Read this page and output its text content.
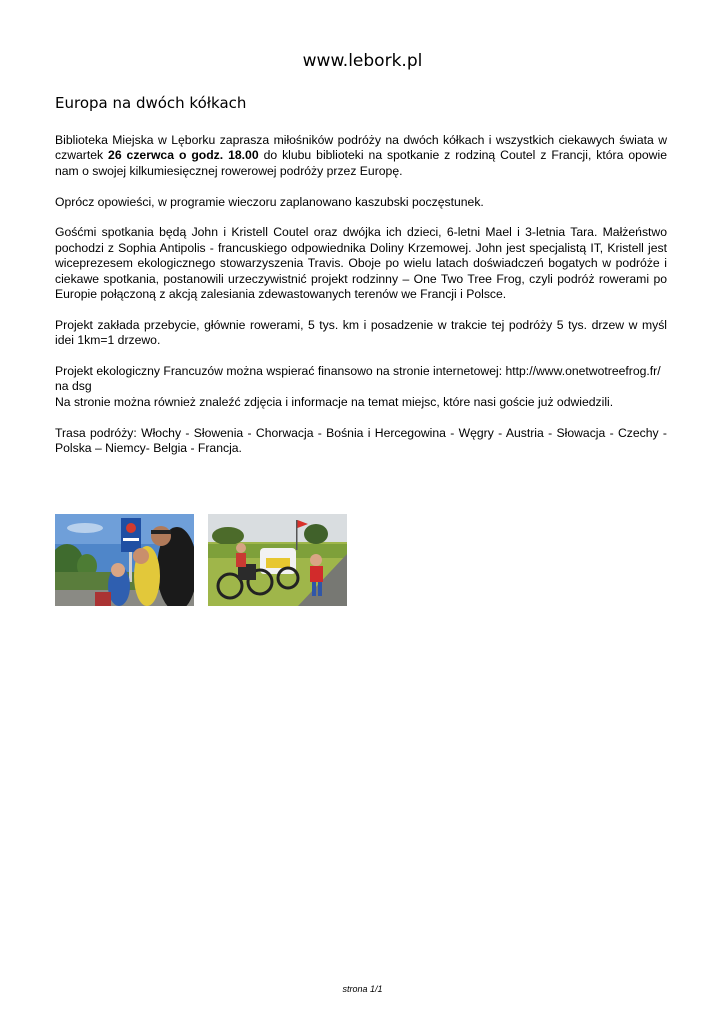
www.lebork.pl
Europa na dwóch kółkach

Biblioteka Miejska w Lęborku zaprasza miłośników podróży na dwóch kółkach i wszystkich ciekawych świata w czwartek 26 czerwca o godz. 18.00 do klubu biblioteki na spotkanie z rodziną Coutel z Francji, która opowie nam o swojej kilkumiesięcznej rowerowej podróży przez Europę.

Oprócz opowieści, w programie wieczoru zaplanowano kaszubski poczęstunek.

Gośćmi spotkania będą John i Kristell Coutel oraz dwójka ich dzieci, 6-letni Mael i 3-letnia Tara. Małżeństwo pochodzi z Sophia Antipolis - francuskiego odpowiednika Doliny Krzemowej. John jest specjalistą IT, Kristell jest wiceprezesem ekologicznego stowarzyszenia Travis. Oboje po wielu latach doświadczeń bogatych w podróże i ciekawe spotkania, postanowili urzeczywistnić projekt rodzinny – One Two Tree Frog, czyli podróż rowerami po Europie połączoną z akcją zalesiania zdewastowanych terenów we Francji i Polsce.

Projekt zakłada przebycie, głównie rowerami, 5 tys. km i posadzenie w trakcie tej podróży 5 tys. drzew w myśl idei 1km=1 drzewo.

Projekt ekologiczny Francuzów można wspierać finansowo na stronie internetowej: http://www.onetwotreefrog.fr/
na dsg
Na stronie można również znaleźć zdjęcia i informacje na temat miejsc, które nasi goście już odwiedzili.

Trasa podróży: Włochy - Słowenia - Chorwacja - Bośnia i Hercegowina - Węgry - Austria - Słowacja - Czechy - Polska – Niemcy- Belgia - Francja.

strona 1/1
